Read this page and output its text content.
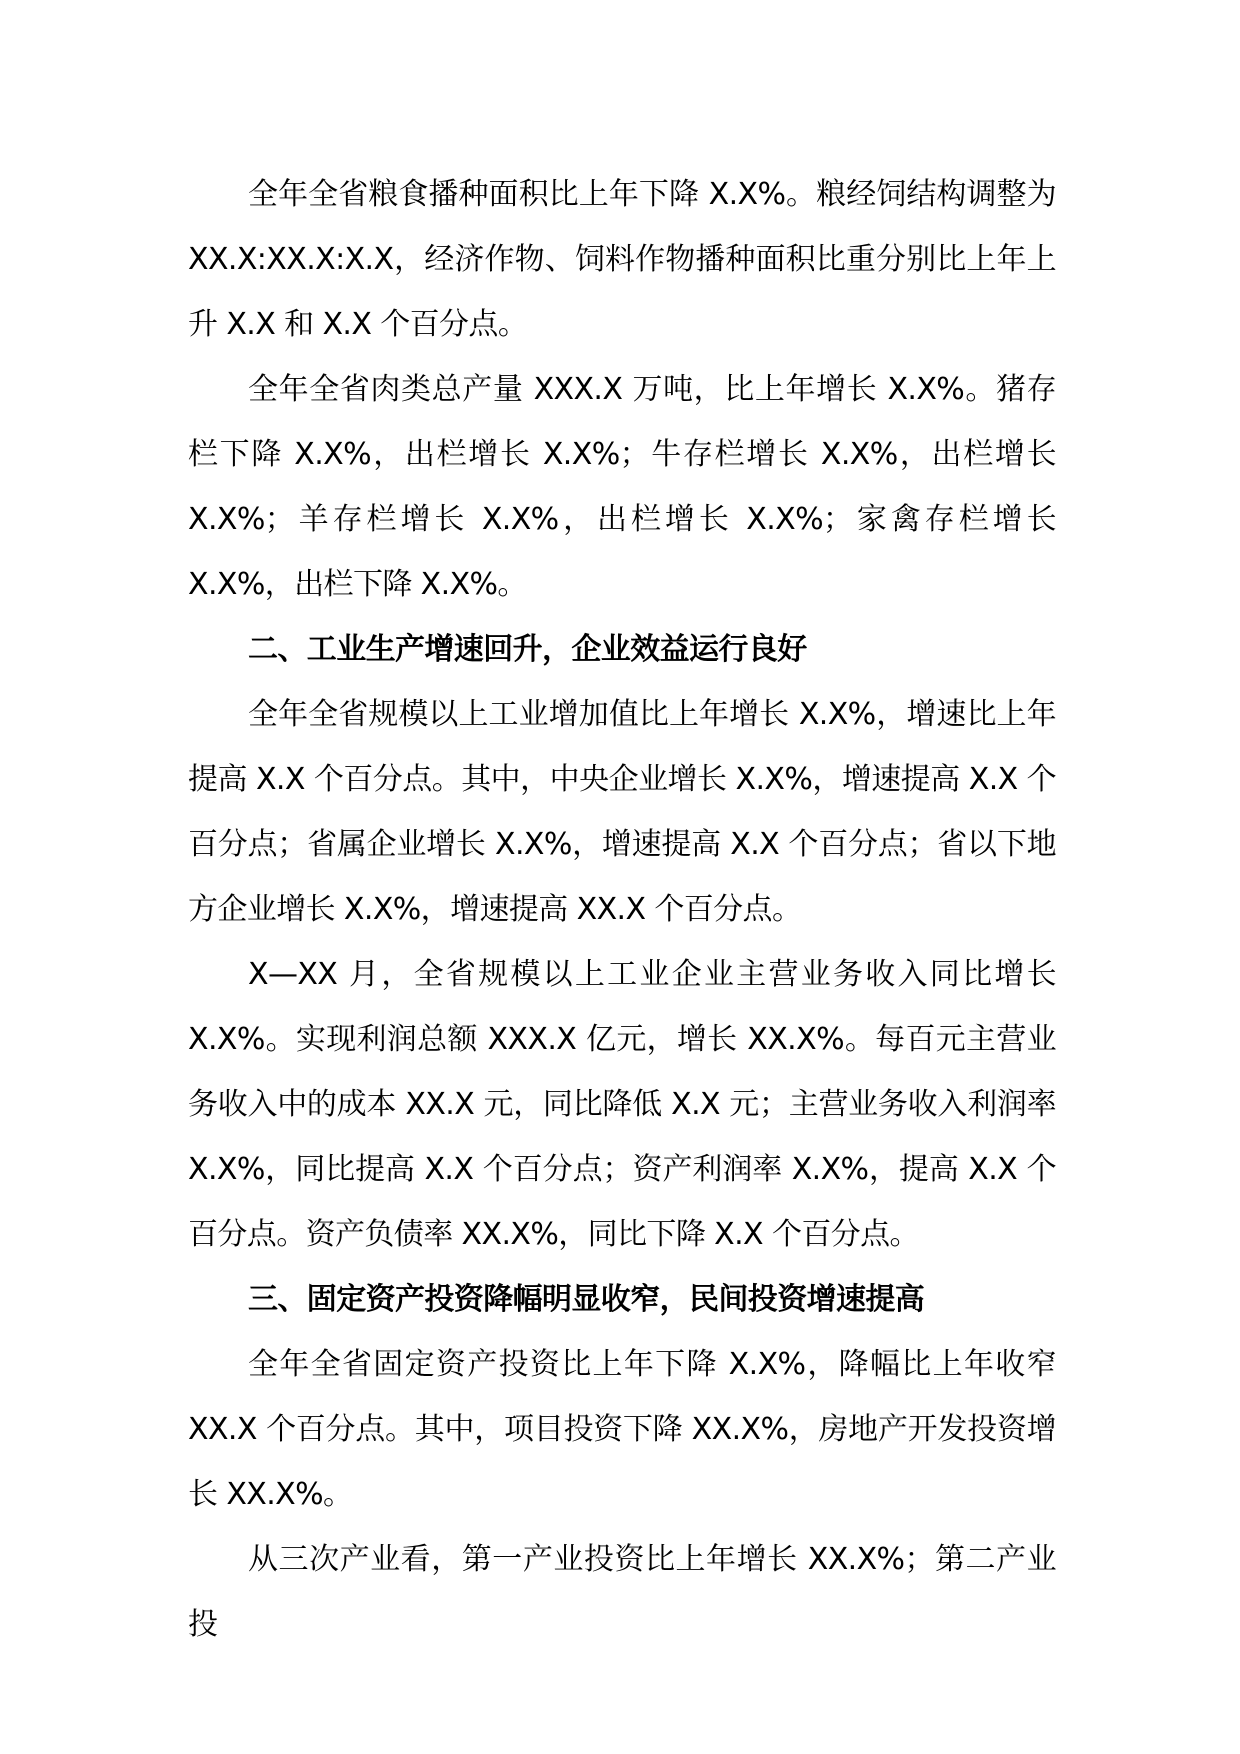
全年全省粮食播种面积比上年下降 X.X%。粮经饲结构调整为 XX.X:XX.X:X.X，经济作物、饲料作物播种面积比重分别比上年上升 X.X 和 X.X 个百分点。

全年全省肉类总产量 XXX.X 万吨，比上年增长 X.X%。猪存栏下降 X.X%，出栏增长 X.X%；牛存栏增长 X.X%，出栏增长 X.X%；羊存栏增长 X.X%，出栏增长 X.X%；家禽存栏增长 X.X%，出栏下降 X.X%。

二、工业生产增速回升，企业效益运行良好

全年全省规模以上工业增加值比上年增长 X.X%，增速比上年提高 X.X 个百分点。其中，中央企业增长 X.X%，增速提高 X.X 个百分点；省属企业增长 X.X%，增速提高 X.X 个百分点；省以下地方企业增长 X.X%，增速提高 XX.X 个百分点。

X—XX 月，全省规模以上工业企业主营业务收入同比增长 X.X%。实现利润总额 XXX.X 亿元，增长 XX.X%。每百元主营业务收入中的成本 XX.X 元，同比降低 X.X 元；主营业务收入利润率 X.X%，同比提高 X.X 个百分点；资产利润率 X.X%，提高 X.X 个百分点。资产负债率 XX.X%，同比下降 X.X 个百分点。

三、固定资产投资降幅明显收窄，民间投资增速提高

全年全省固定资产投资比上年下降 X.X%，降幅比上年收窄 XX.X 个百分点。其中，项目投资下降 XX.X%，房地产开发投资增长 XX.X%。

从三次产业看，第一产业投资比上年增长 XX.X%；第二产业投
